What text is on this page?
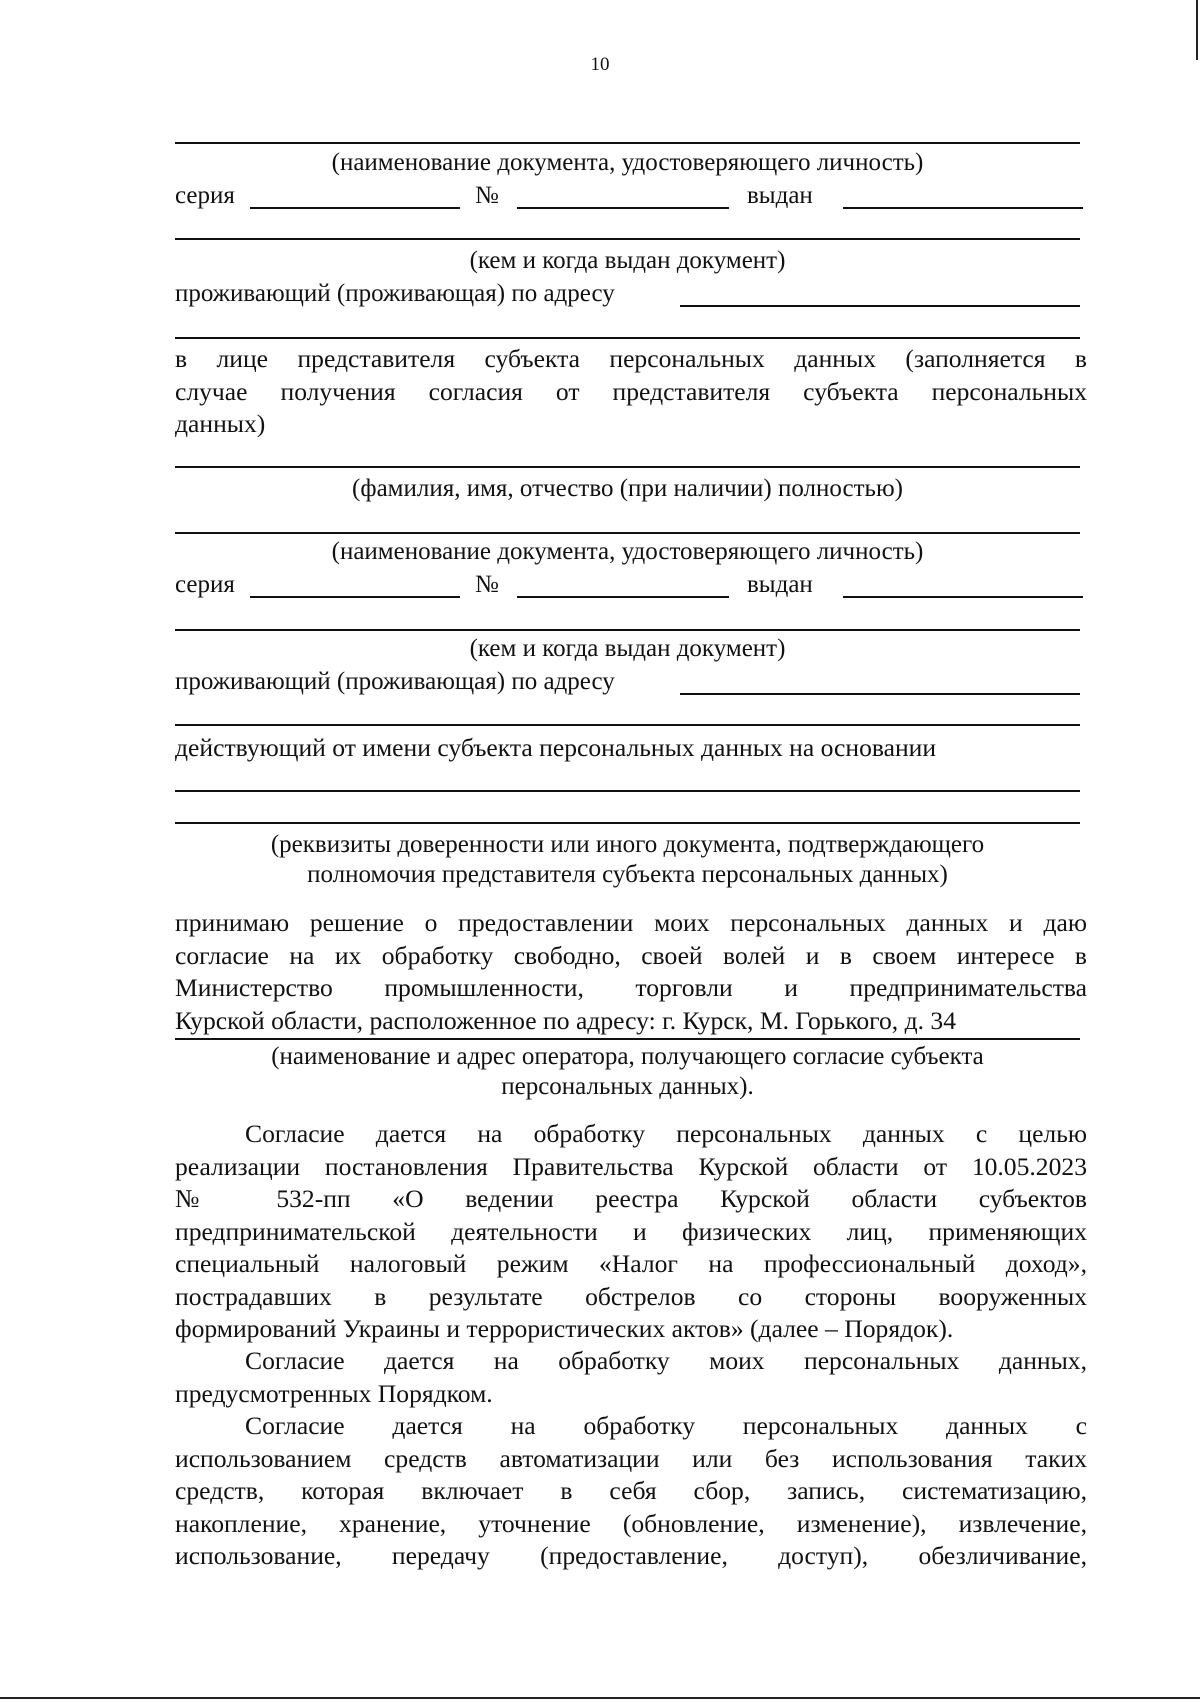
10
(наименование документа, удостоверяющего личность)
серия	№	выдан
(кем и когда выдан документ)
проживающий (проживающая) по адресу

в лице представителя субъекта персональных данных (заполняется в

случае получения согласия от представителя субъекта персональных

данных)

(фамилия, имя, отчество (при наличии) полностью)
(наименование документа, удостоверяющего личность)
серия	№	выдан
(кем и когда выдан документ)
проживающий (проживающая) по адресу
действующий от имени субъекта персональных данных на основании
(реквизиты доверенности или иного документа, подтверждающего
полномочия представителя субъекта персональных данных)

принимаю решение о предоставлении моих персональных данных и даю

согласие на их обработку свободно, своей волей и в своем интересе в

Министерство промышленности, торговли и предпринимательства

Курской области, расположенное по адресу: г. Курск, М. Горького, д. 34

(наименование и адрес оператора, получающего согласие субъекта
персональных данных).

Согласие дается на обработку персональных данных с целью

реализации постановления Правительства Курской области от 10.05.2023

№ 532-пп «О ведении реестра Курской области субъектов

предпринимательской деятельности и физических лиц, применяющих

специальный налоговый режим «Налог на профессиональный доход»,

пострадавших в результате обстрелов со стороны вооруженных

формирований Украины и террористических актов» (далее – Порядок).

Согласие дается на обработку моих персональных данных,

предусмотренных Порядком.

Согласие дается на обработку персональных данных с

использованием средств автоматизации или без использования таких

средств, которая включает в себя сбор, запись, систематизацию,

накопление, хранение, уточнение (обновление, изменение), извлечение,

использование, передачу (предоставление, доступ), обезличивание,
